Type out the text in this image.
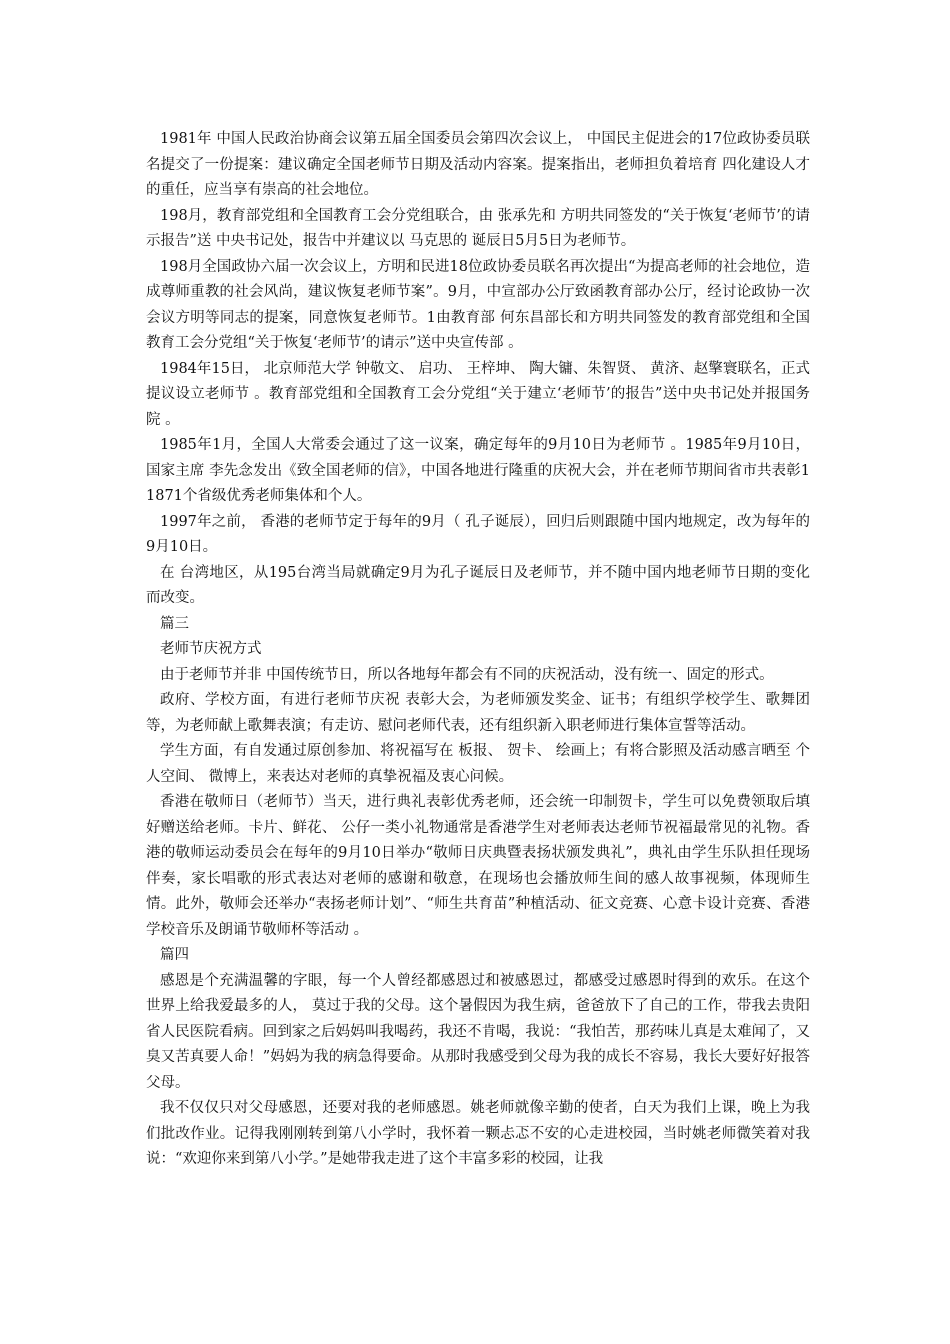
1981年 中国人民政治协商会议第五届全国委员会第四次会议上， 中国民主促进会的17位政协委员联名提交了一份提案：建议确定全国老师节日期及活动内容案。提案指出，老师担负着培育 四化建设人才的重任，应当享有崇高的社会地位。

198月，教育部党组和全国教育工会分党组联合，由 张承先和 方明共同签发的“关于恢复‘老师节’的请示报告”送 中央书记处，报告中并建议以 马克思的 诞辰日5月5日为老师节。

198月全国政协六届一次会议上，方明和民进18位政协委员联名再次提出“为提高老师的社会地位，造成尊师重教的社会风尚，建议恢复老师节案”。9月，中宣部办公厅致函教育部办公厅，经讨论政协一次会议方明等同志的提案，同意恢复老师节。1由教育部 何东昌部长和方明共同签发的教育部党组和全国教育工会分党组“关于恢复‘老师节’的请示”送中央宣传部 。

1984年15日， 北京师范大学 钟敬文、 启功、 王梓坤、 陶大镛、朱智贤、 黄济、赵擎寰联名，正式提议设立老师节 。教育部党组和全国教育工会分党组“关于建立‘老师节’的报告”送中央书记处并报国务院 。

1985年1月，全国人大常委会通过了这一议案，确定每年的9月10日为老师节 。1985年9月10日，国家主席 李先念发出《致全国老师的信》，中国各地进行隆重的庆祝大会，并在老师节期间省市共表彰11871个省级优秀老师集体和个人。

1997年之前， 香港的老师节定于每年的9月（ 孔子诞辰），回归后则跟随中国内地规定，改为每年的9月10日。

在 台湾地区，从195台湾当局就确定9月为孔子诞辰日及老师节，并不随中国内地老师节日期的变化而改变。

篇三

老师节庆祝方式

由于老师节并非 中国传统节日，所以各地每年都会有不同的庆祝活动，没有统一、固定的形式。

政府、学校方面，有进行老师节庆祝 表彰大会，为老师颁发奖金、证书；有组织学校学生、歌舞团等，为老师献上歌舞表演；有走访、慰问老师代表，还有组织新入职老师进行集体宣誓等活动。

学生方面，有自发通过原创参加、将祝福写在 板报、 贺卡、 绘画上；有将合影照及活动感言晒至 个人空间、 微博上，来表达对老师的真挚祝福及衷心问候。

香港在敬师日（老师节）当天，进行典礼表彰优秀老师，还会统一印制贺卡，学生可以免费领取后填好赠送给老师。卡片、鲜花、 公仔一类小礼物通常是香港学生对老师表达老师节祝福最常见的礼物。香港的敬师运动委员会在每年的9月10日举办“敬师日庆典暨表扬状颁发典礼”，典礼由学生乐队担任现场伴奏，家长唱歌的形式表达对老师的感谢和敬意，在现场也会播放师生间的感人故事视频，体现师生情。此外，敬师会还举办“表扬老师计划”、“师生共育苗”种植活动、征文竞赛、心意卡设计竞赛、香港学校音乐及朗诵节敬师杯等活动 。

篇四

感恩是个充满温馨的字眼，每一个人曾经都感恩过和被感恩过，都感受过感恩时得到的欢乐。在这个世界上给我爱最多的人， 莫过于我的父母。这个暑假因为我生病，爸爸放下了自己的工作，带我去贵阳省人民医院看病。回到家之后妈妈叫我喝药，我还不肯喝，我说：“我怕苦，那药味儿真是太难闻了，又臭又苦真要人命！”妈妈为我的病急得要命。从那时我感受到父母为我的成长不容易，我长大要好好报答父母。

我不仅仅只对父母感恩，还要对我的老师感恩。姚老师就像辛勤的使者，白天为我们上课，晚上为我们批改作业。记得我刚刚转到第八小学时，我怀着一颗忐忑不安的心走进校园，当时姚老师微笑着对我说：“欢迎你来到第八小学。”是她带我走进了这个丰富多彩的校园，让我
